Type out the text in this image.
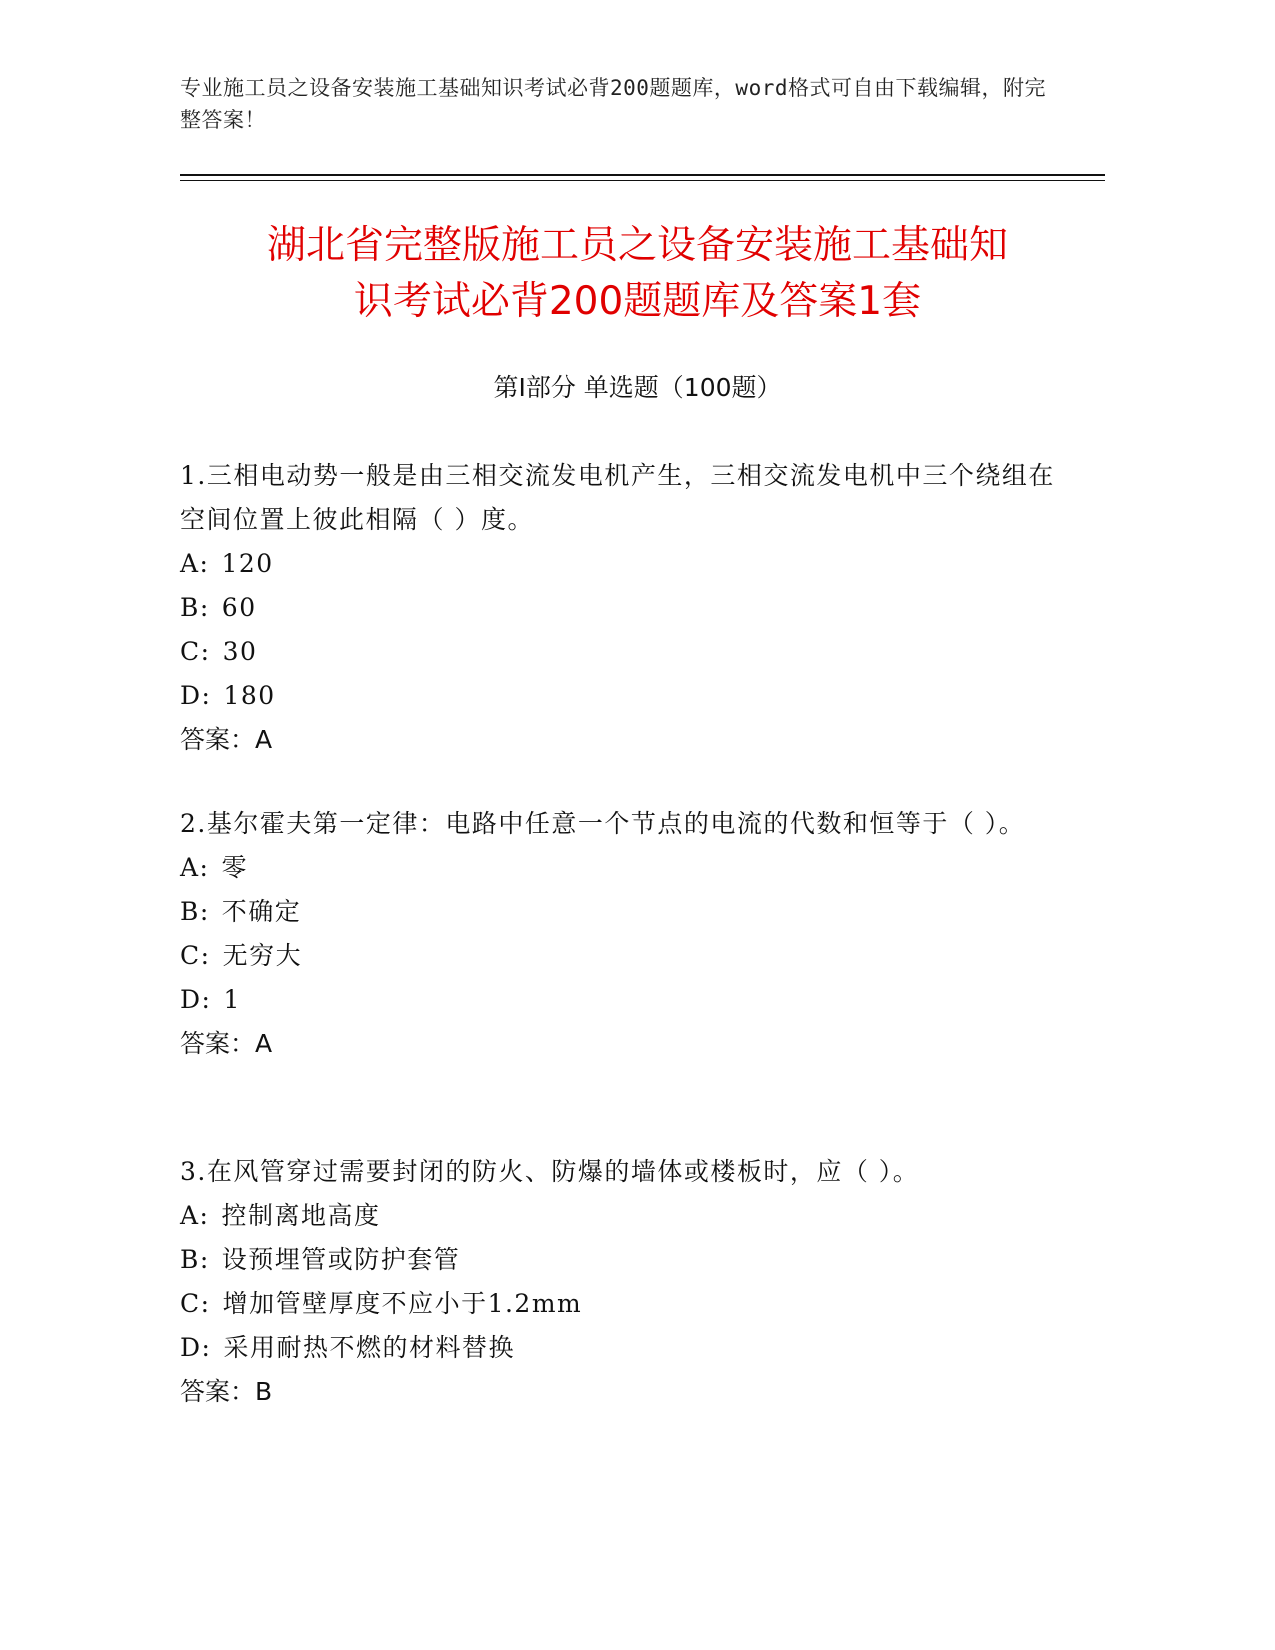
专业施工员之设备安装施工基础知识考试必背200题题库，word格式可自由下载编辑，附完整答案！
湖北省完整版施工员之设备安装施工基础知
识考试必背200题题库及答案1套
第Ⅰ部分 单选题（100题）

1.三相电动势一般是由三相交流发电机产生，三相交流发电机中三个绕组在空间位置上彼此相隔（ ）度。

A: 120

B: 60

C: 30

D: 180

答案：A

2.基尔霍夫第一定律：电路中任意一个节点的电流的代数和恒等于（ ）。

A: 零

B: 不确定

C: 无穷大

D: 1

答案：A

3.在风管穿过需要封闭的防火、防爆的墙体或楼板时，应（ ）。

A: 控制离地高度

B: 设预埋管或防护套管

C: 增加管壁厚度不应小于1.2mm

D: 采用耐热不燃的材料替换

答案：B
